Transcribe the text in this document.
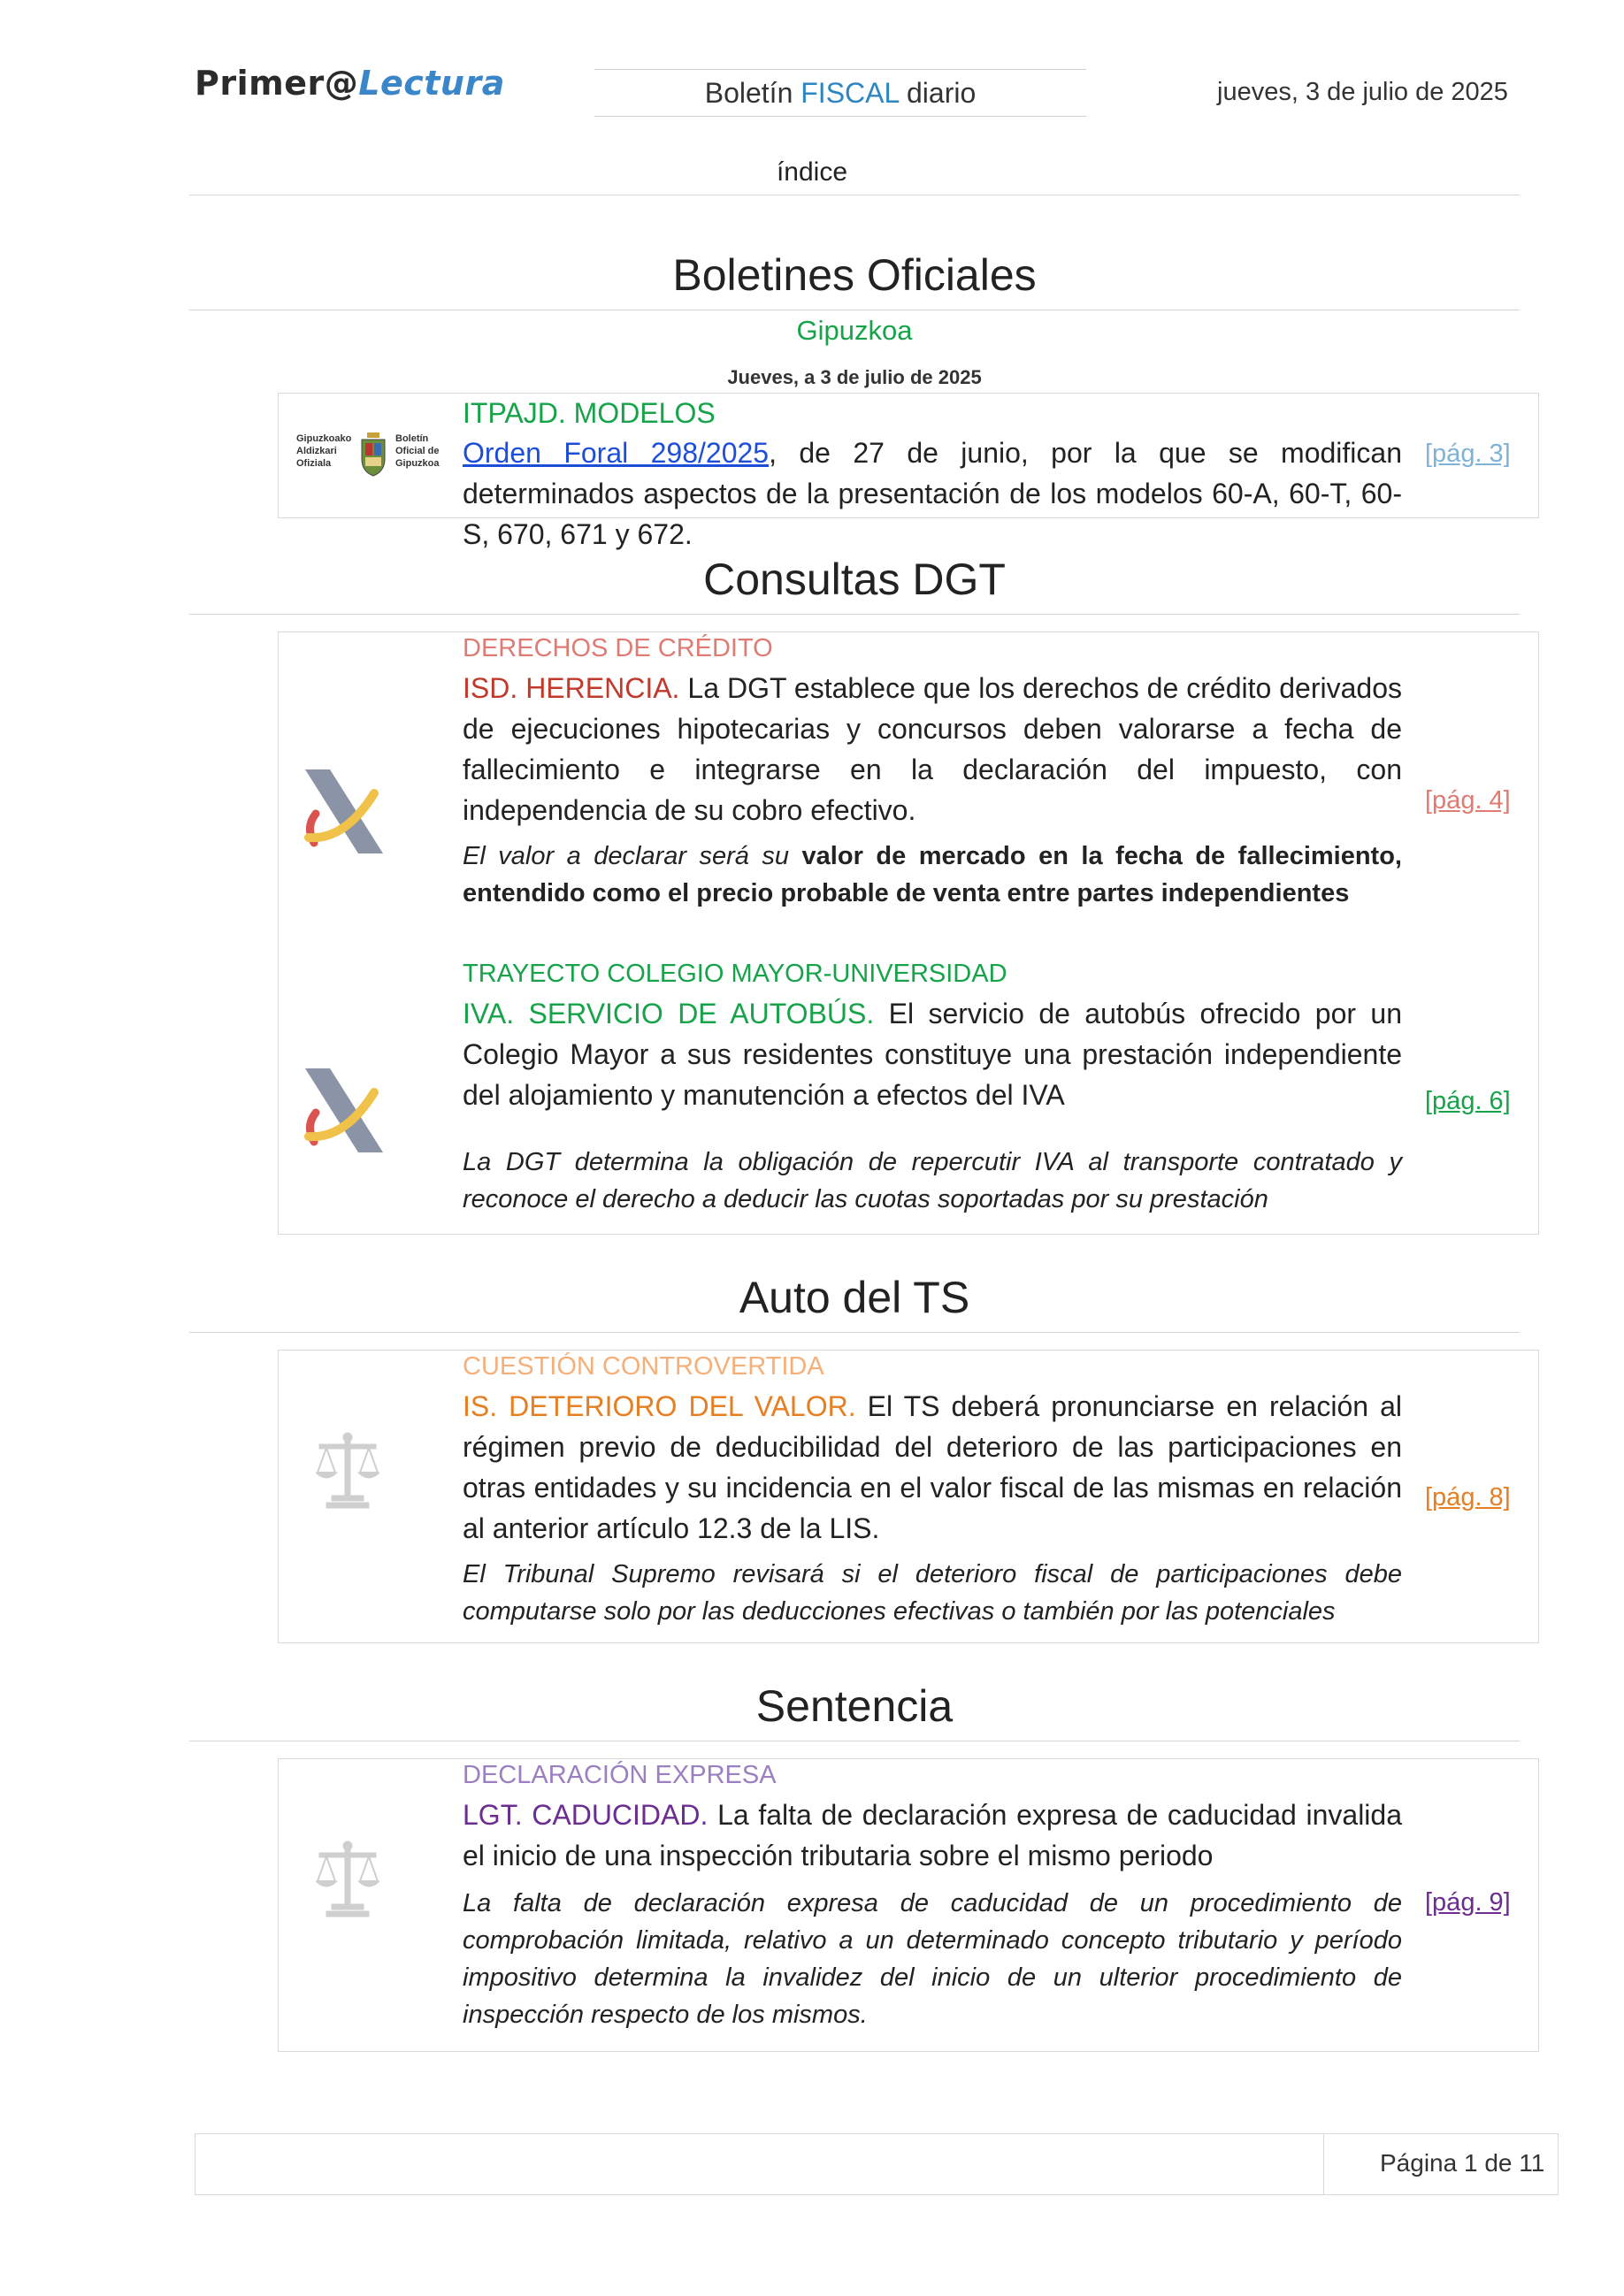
Primer@Lectura	Boletín FISCAL diario	jueves, 3 de julio de 2025
índice
Boletines Oficiales
Gipuzkoa
Jueves, a 3 de julio de 2025
Gipuzkoako
Aldizkari
Ofiziala
Boletín
Oficial de
Gipuzkoa
ITPAJD. MODELOS
Orden Foral 298/2025, de 27 de junio, por la que se modifican determinados aspectos de la presentación de los modelos 60-A, 60-T, 60-S, 670, 671 y 672.
[pág. 3]
Consultas DGT
DERECHOS DE CRÉDITO
ISD. HERENCIA. La DGT establece que los derechos de crédito derivados de ejecuciones hipotecarias y concursos deben valorarse a fecha de fallecimiento e integrarse en la declaración del impuesto, con independencia de su cobro efectivo.
El valor a declarar será su valor de mercado en la fecha de fallecimiento, entendido como el precio probable de venta entre partes independientes
[pág. 4]
TRAYECTO COLEGIO MAYOR-UNIVERSIDAD
IVA. SERVICIO DE AUTOBÚS. El servicio de autobús ofrecido por un Colegio Mayor a sus residentes constituye una prestación independiente del alojamiento y manutención a efectos del IVA
La DGT determina la obligación de repercutir IVA al transporte contratado y reconoce el derecho a deducir las cuotas soportadas por su prestación
[pág. 6]
Auto del TS
CUESTIÓN CONTROVERTIDA
IS. DETERIORO DEL VALOR. El TS deberá pronunciarse en relación al régimen previo de deducibilidad del deterioro de las participaciones en otras entidades y su incidencia en el valor fiscal de las mismas en relación al anterior artículo 12.3 de la LIS.
El Tribunal Supremo revisará si el deterioro fiscal de participaciones debe computarse solo por las deducciones efectivas o también por las potenciales
[pág. 8]
Sentencia
DECLARACIÓN EXPRESA
LGT. CADUCIDAD. La falta de declaración expresa de caducidad invalida el inicio de una inspección tributaria sobre el mismo periodo
La falta de declaración expresa de caducidad de un procedimiento de comprobación limitada, relativo a un determinado concepto tributario y período impositivo determina la invalidez del inicio de un ulterior procedimiento de inspección respecto de los mismos.
[pág. 9]
Página 1 de 11
